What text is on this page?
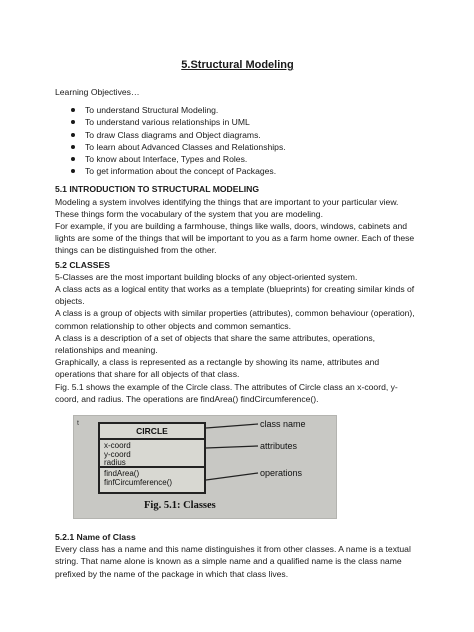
5.Structural Modeling

Learning Objectives…

To understand Structural Modeling.
To understand various relationships in UML
To draw Class diagrams and Object diagrams.
To learn about Advanced Classes and Relationships.
To know about Interface, Types and Roles.
To get information about the concept of Packages.
5.1 INTRODUCTION TO STRUCTURAL MODELING

Modeling a system involves identifying the things that are important to your particular view. These things form the vocabulary of the system that you are modeling.

For example, if you are building a farmhouse, things like walls, doors, windows, cabinets and lights are some of the things that will be important to you as a farm home owner. Each of these things can be distinguished from the other.

5.2 CLASSES

5-Classes are the most important building blocks of any object-oriented system.

A class acts as a logical entity that works as a template (blueprints) for creating similar kinds of objects.

A class is a group of objects with similar properties (attributes), common behaviour (operation), common relationship to other objects and common semantics.

A class is a description of a set of objects that share the same attributes, operations, relationships and meaning.

Graphically, a class is represented as a rectangle by showing its name, attributes and operations that share for all objects of that class.

Fig. 5.1 shows the example of the Circle class. The attributes of Circle class an x-coord, y-coord, and radius. The operations are findArea() findCircumference().

t
CIRCLE
x-coord
y-coord
radius
findArea()
finfCircumference()
class name
attributes
operations
Fig. 5.1: Classes
5.2.1 Name of Class

Every class has a name and this name distinguishes it from other classes. A name is a textual string. That name alone is known as a simple name and a qualified name is the class name prefixed by the name of the package in which that class lives.
